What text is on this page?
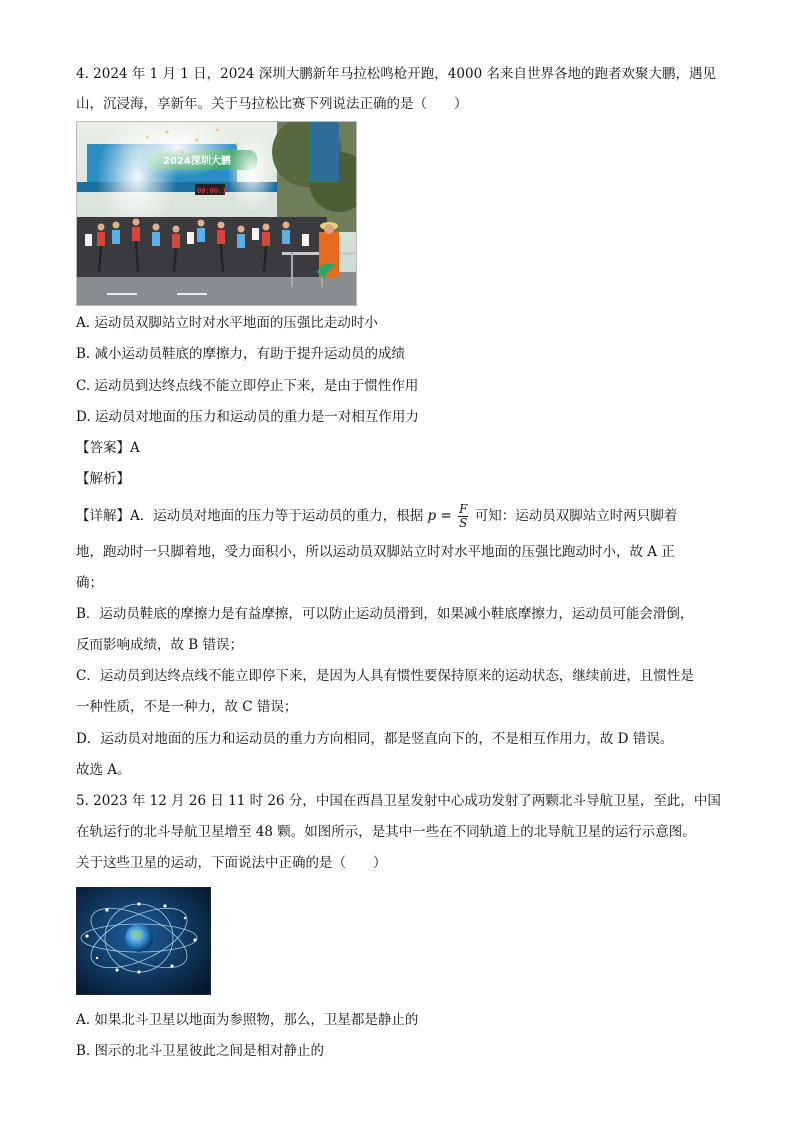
4. 2024 年 1 月 1 日，2024 深圳大鹏新年马拉松鸣枪开跑，4000 名来自世界各地的跑者欢聚大鹏，遇见
山，沉浸海，享新年。关于马拉松比赛下列说法正确的是（　　）
00:00:1
A. 运动员双脚站立时对水平地面的压强比走动时小
B. 减小运动员鞋底的摩擦力，有助于提升运动员的成绩
C. 运动员到达终点线不能立即停止下来，是由于惯性作用
D. 运动员对地面的压力和运动员的重力是一对相互作用力
【答案】A
【解析】
【详解】A．运动员对地面的压力等于运动员的重力，根据 $p = \frac{F}{S}$ 可知：运动员双脚站立时两只脚着
地，跑动时一只脚着地，受力面积小，所以运动员双脚站立时对水平地面的压强比跑动时小，故 A 正
确；
B．运动员鞋底的摩擦力是有益摩擦，可以防止运动员滑到，如果减小鞋底摩擦力，运动员可能会滑倒，
反而影响成绩，故 B 错误；
C．运动员到达终点线不能立即停下来，是因为人具有惯性要保持原来的运动状态，继续前进，且惯性是
一种性质，不是一种力，故 C 错误；
D．运动员对地面的压力和运动员的重力方向相同，都是竖直向下的，不是相互作用力，故 D 错误。
故选 A。
5. 2023 年 12 月 26 日 11 时 26 分，中国在西昌卫星发射中心成功发射了两颗北斗导航卫星，至此，中国
在轨运行的北斗导航卫星增至 48 颗。如图所示，是其中一些在不同轨道上的北导航卫星的运行示意图。
关于这些卫星的运动，下面说法中正确的是（　　）
A. 如果北斗卫星以地面为参照物，那么，卫星都是静止的
B. 图示的北斗卫星彼此之间是相对静止的
